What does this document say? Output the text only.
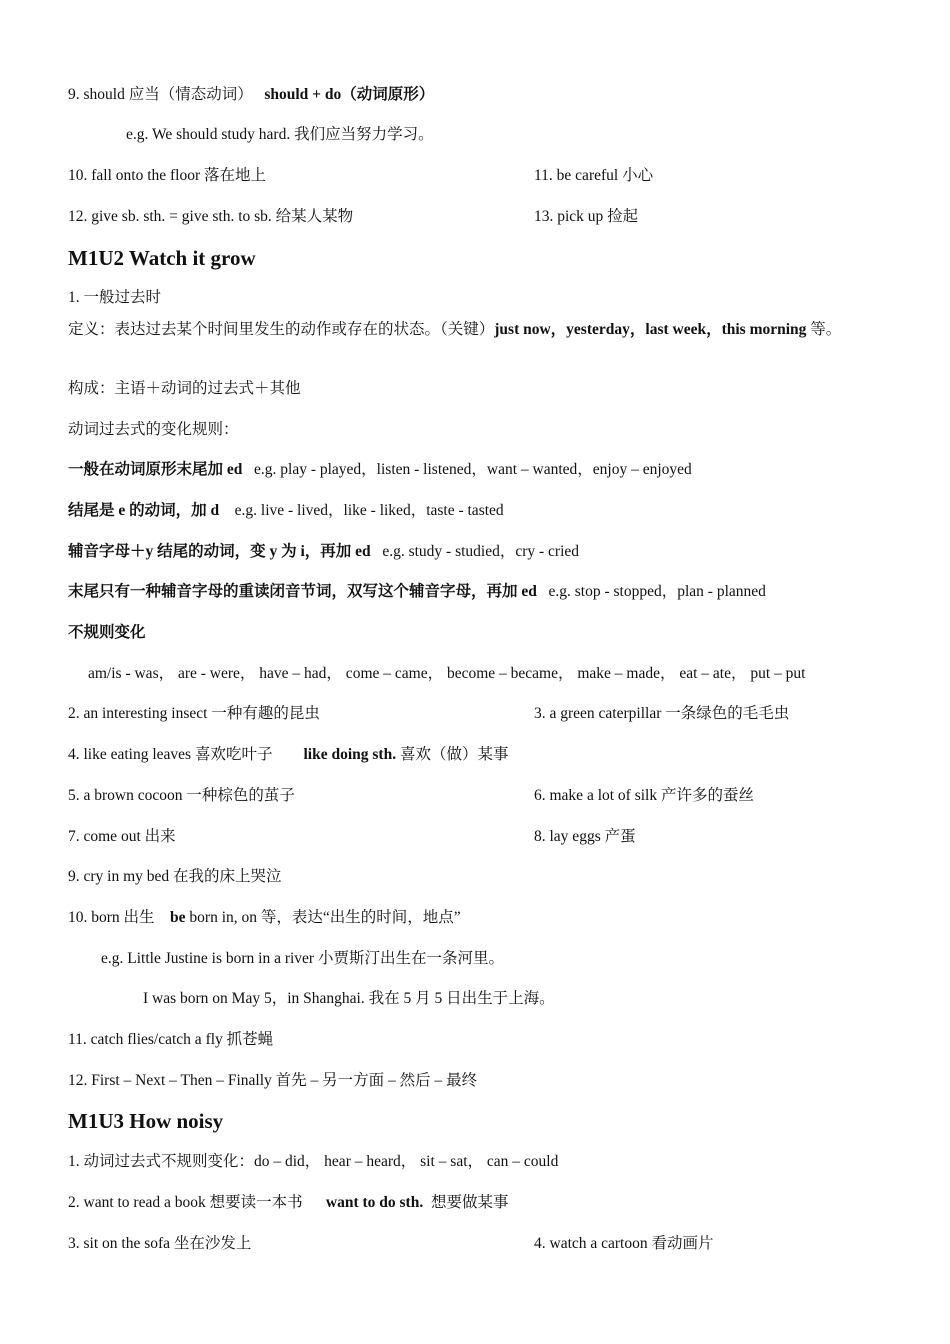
9. should 应当（情态动词） should + do（动词原形）
e.g. We should study hard. 我们应当努力学习。
10. fall onto the floor 落在地上	11. be careful 小心
12. give sb. sth. = give sth. to sb. 给某人某物	13. pick up 捡起
M1U2 Watch it grow
1. 一般过去时
定义：表达过去某个时间里发生的动作或存在的状态。（关键）just now，yesterday，last week，this morning 等。
构成：主语＋动词的过去式＋其他
动词过去式的变化规则：
一般在动词原形末尾加 ed e.g. play - played，listen - listened，want – wanted，enjoy – enjoyed
结尾是 e 的动词，加 d e.g. live - lived，like - liked，taste - tasted
辅音字母＋y 结尾的动词，变 y 为 i，再加 ed e.g. study - studied，cry - cried
末尾只有一种辅音字母的重读闭音节词，双写这个辅音字母，再加 ed e.g. stop - stopped，plan - planned
不规则变化
am/is - was， are - were， have – had， come – came， become – became， make – made， eat – ate， put – put
2. an interesting insect 一种有趣的昆虫	3. a green caterpillar 一条绿色的毛毛虫
4. like eating leaves 喜欢吃叶子 like doing sth. 喜欢（做）某事
5. a brown cocoon 一种棕色的茧子	6. make a lot of silk 产许多的蚕丝
7. come out 出来	8. lay eggs 产蛋
9. cry in my bed 在我的床上哭泣
10. born 出生 be born in, on 等，表达“出生的时间，地点”
e.g. Little Justine is born in a river 小贾斯汀出生在一条河里。
I was born on May 5，in Shanghai. 我在 5 月 5 日出生于上海。
11. catch flies/catch a fly 抓苍蝇
12. First – Next – Then – Finally 首先 – 另一方面 – 然后 – 最终
M1U3 How noisy
1. 动词过去式不规则变化：do – did， hear – heard， sit – sat， can – could
2. want to read a book 想要读一本书 want to do sth. 想要做某事
3. sit on the sofa 坐在沙发上	4. watch a cartoon 看动画片
